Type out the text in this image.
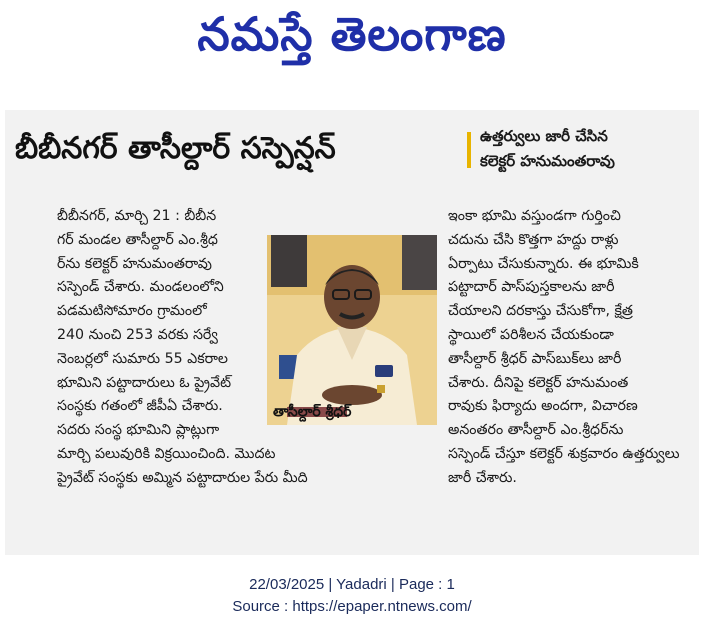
నమస్తే తెలంగాణ
బీబీనగర్ తాసీల్దార్ సస్పెన్షన్	ఉత్తర్వులు జారీ చేసిన
కలెక్టర్ హనుమంతరావు
బీబీనగర్, మార్చి 21 : బీబీన
గర్ మండల తాసీల్దార్ ఎం.శ్రీధ
ర్‌ను కలెక్టర్ హనుమంతరావు
సస్పెండ్ చేశారు. మండలంలోని
పడమటిసోమారం గ్రామంలో
240 నుంచి 253 వరకు సర్వే
నెంబర్లలో సుమారు 55 ఎకరాల
భూమిని పట్టాదారులు ఓ ప్రైవేట్
సంస్థకు గతంలో జీపీఏ చేశారు.
సదరు సంస్థ భూమిని ప్లాట్లుగా
మార్చి పలువురికి విక్రయించింది. మొదట
ప్రైవేట్ సంస్థకు అమ్మిన పట్టాదారుల పేరు మీది
తాసీల్దార్ శ్రీధర్
ఇంకా భూమి వస్తుండగా గుర్తించి
చదును చేసి కొత్తగా హద్దు రాళ్లు
ఏర్పాటు చేసుకున్నారు. ఈ భూమికి
పట్టాదార్ పాస్‌పుస్తకాలను జారీ
చేయాలని దరకాస్తు చేసుకోగా, క్షేత్ర
స్థాయిలో పరిశీలన చేయకుండా
తాసీల్దార్ శ్రీధర్ పాస్‌బుక్‌లు జారీ
చేశారు. దీనిపై కలెక్టర్ హనుమంత
రావుకు ఫిర్యాదు అందగా, విచారణ
అనంతరం తాసీల్దార్ ఎం.శ్రీధర్‌ను
సస్పెండ్ చేస్తూ కలెక్టర్ శుక్రవారం ఉత్తర్వులు
జారీ చేశారు.
22/03/2025 | Yadadri | Page : 1
Source : https://epaper.ntnews.com/
